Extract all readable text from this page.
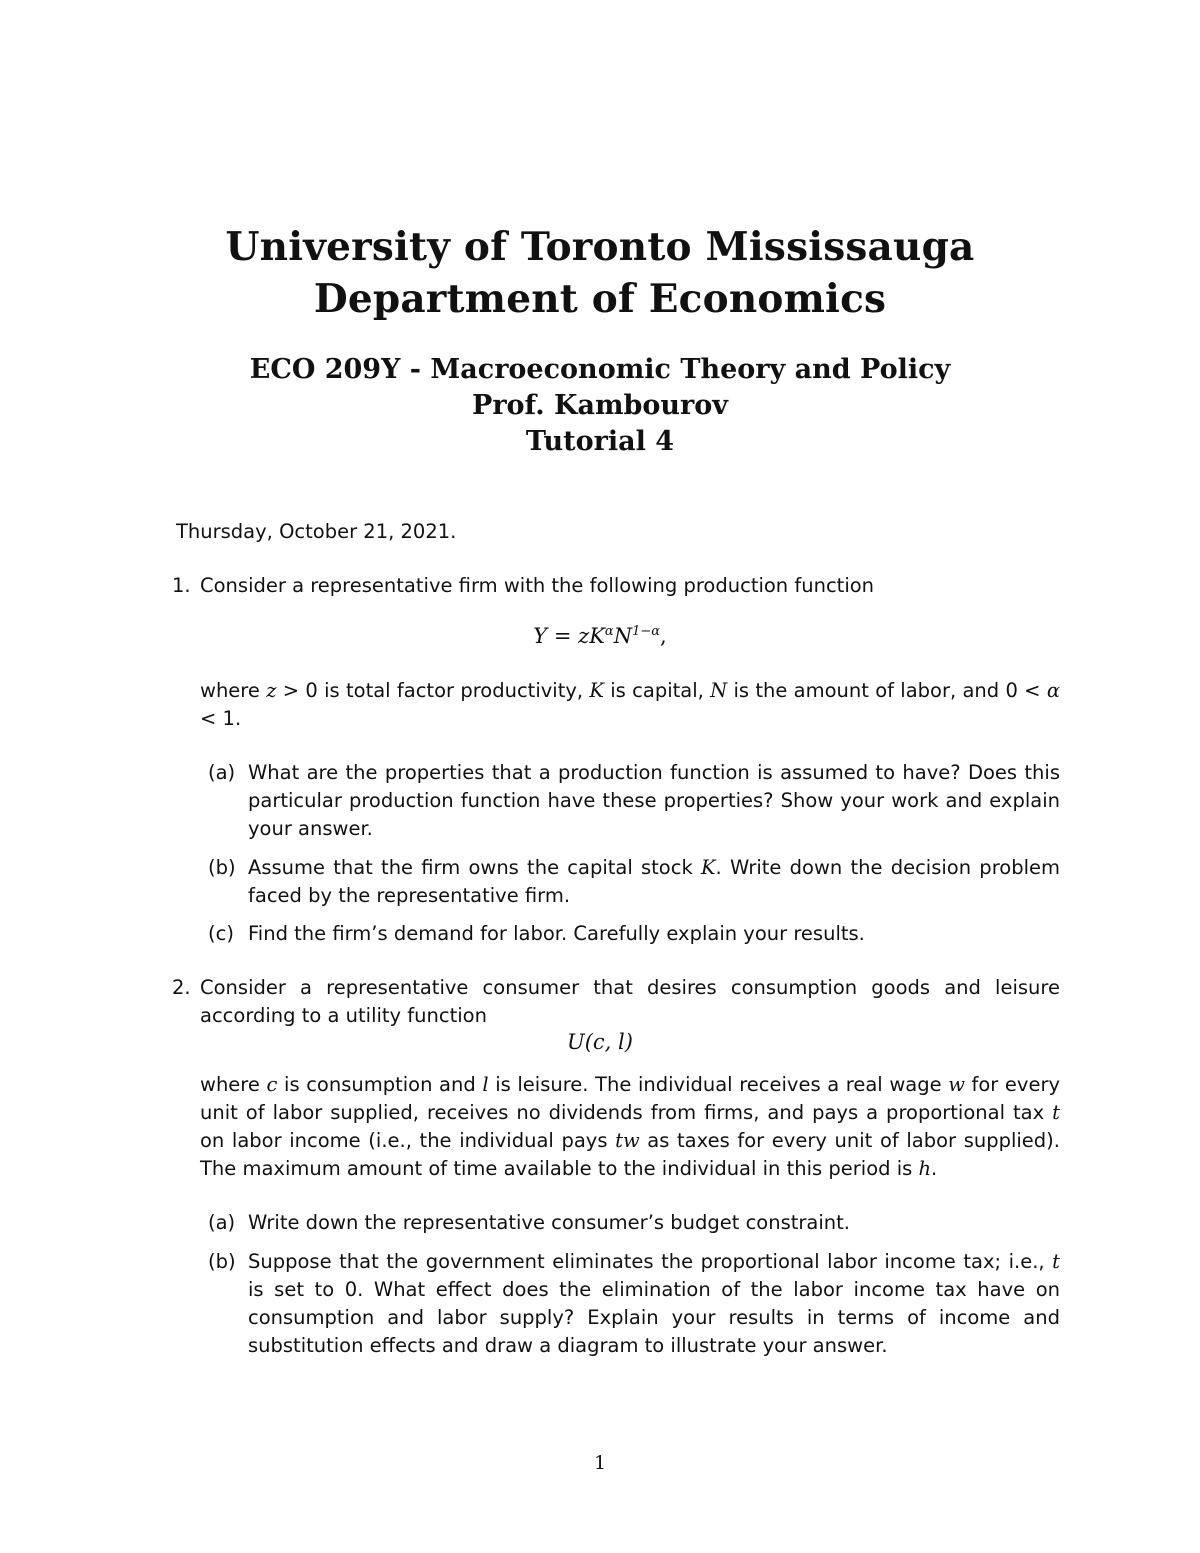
University of Toronto Mississauga
Department of Economics
ECO 209Y - Macroeconomic Theory and Policy
Prof. Kambourov
Tutorial 4
Thursday, October 21, 2021.
1. Consider a representative firm with the following production function
$Y = zK^\alpha N^{1-\alpha}$,
where z > 0 is total factor productivity, K is capital, N is the amount of labor, and 0 < α < 1.
(a) What are the properties that a production function is assumed to have? Does this particular production function have these properties? Show your work and explain your answer.
(b) Assume that the firm owns the capital stock K. Write down the decision problem faced by the representative firm.
(c) Find the firm’s demand for labor. Carefully explain your results.
2. Consider a representative consumer that desires consumption goods and leisure according to a utility function
U(c, l)
where c is consumption and l is leisure. The individual receives a real wage w for every unit of labor supplied, receives no dividends from firms, and pays a proportional tax t on labor income (i.e., the individual pays tw as taxes for every unit of labor supplied). The maximum amount of time available to the individual in this period is h.
(a) Write down the representative consumer’s budget constraint.
(b) Suppose that the government eliminates the proportional labor income tax; i.e., t is set to 0. What effect does the elimination of the labor income tax have on consumption and labor supply? Explain your results in terms of income and substitution effects and draw a diagram to illustrate your answer.
1
